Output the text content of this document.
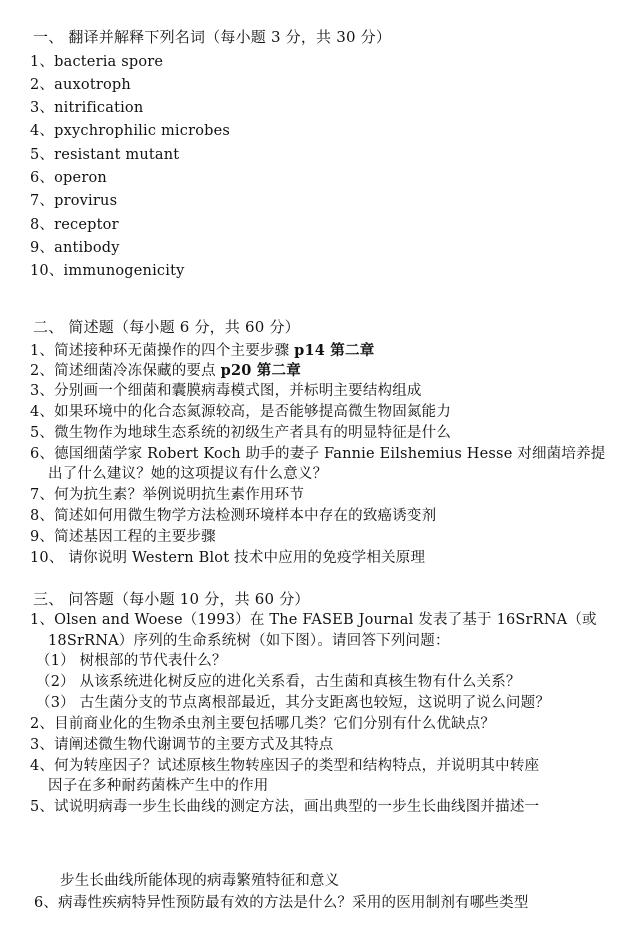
一、 翻译并解释下列名词（每小题 3 分，共 30 分）
1、bacteria spore
2、auxotroph
3、nitrification
4、pxychrophilic microbes
5、resistant mutant
6、operon
7、provirus
8、receptor
9、antibody
10、immunogenicity
二、 简述题（每小题 6 分，共 60 分）
1、简述接种环无菌操作的四个主要步骤 p14 第二章
2、简述细菌冷冻保藏的要点 p20 第二章
3、分别画一个细菌和囊膜病毒模式图，并标明主要结构组成
4、如果环境中的化合态氮源较高，是否能够提高微生物固氮能力
5、微生物作为地球生态系统的初级生产者具有的明显特征是什么
6、德国细菌学家 Robert Koch 助手的妻子 Fannie Eilshemius Hesse 对细菌培养提
出了什么建议？她的这项提议有什么意义？
7、何为抗生素？举例说明抗生素作用环节
8、简述如何用微生物学方法检测环境样本中存在的致癌诱变剂
9、简述基因工程的主要步骤
10、 请你说明 Western Blot 技术中应用的免疫学相关原理
三、 问答题（每小题 10 分，共 60 分）
1、Olsen and Woese（1993）在 The FASEB Journal 发表了基于 16SrRNA（或
18SrRNA）序列的生命系统树（如下图）。请回答下列问题：
（1） 树根部的节代表什么？
（2） 从该系统进化树反应的进化关系看，古生菌和真核生物有什么关系？
（3） 古生菌分支的节点离根部最近，其分支距离也较短，这说明了说么问题？
2、目前商业化的生物杀虫剂主要包括哪几类？它们分别有什么优缺点？
3、请阐述微生物代谢调节的主要方式及其特点
4、何为转座因子？试述原核生物转座因子的类型和结构特点，并说明其中转座
因子在多种耐药菌株产生中的作用
5、试说明病毒一步生长曲线的测定方法，画出典型的一步生长曲线图并描述一
步生长曲线所能体现的病毒繁殖特征和意义
6、病毒性疾病特异性预防最有效的方法是什么？采用的医用制剂有哪些类型
